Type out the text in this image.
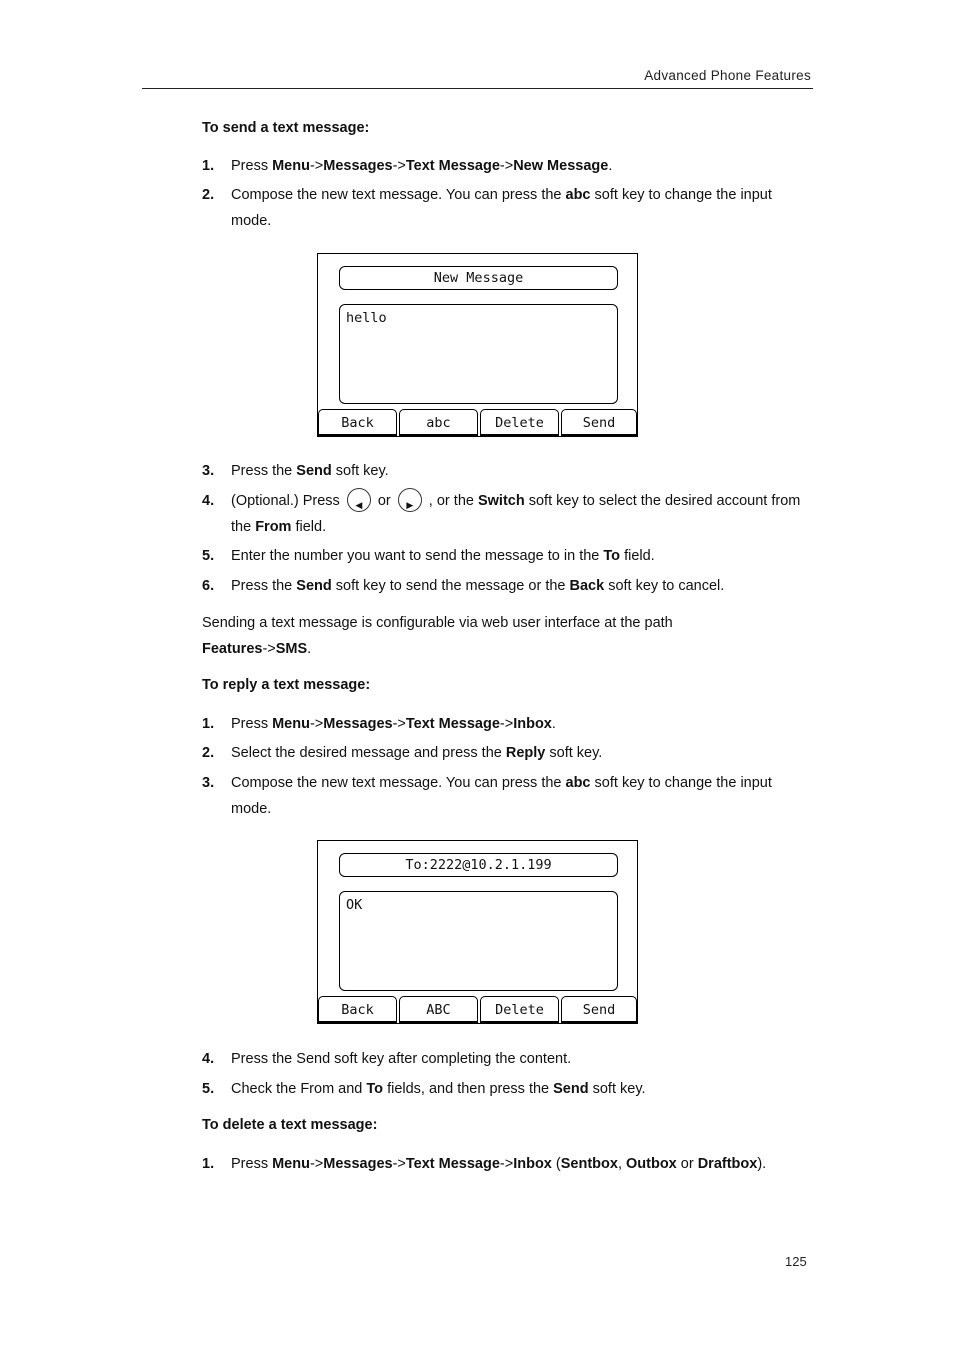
Advanced Phone Features
To send a text message:
1. Press Menu->Messages->Text Message->New Message.
2. Compose the new text message. You can press the abc soft key to change the input mode.
New Message
hello
Back	abc	Delete	Send
3. Press the Send soft key.
4. (Optional.) Press	◀ or	▶ , or the Switch soft key to select the desired account from the From field.
5. Enter the number you want to send the message to in the To field.
6. Press the Send soft key to send the message or the Back soft key to cancel.
Sending a text message is configurable via web user interface at the path
Features->SMS.
To reply a text message:
1. Press Menu->Messages->Text Message->Inbox.
2. Select the desired message and press the Reply soft key.
3. Compose the new text message. You can press the abc soft key to change the input mode.
To:2222@10.2.1.199
OK
Back	ABC	Delete	Send
4. Press the Send soft key after completing the content.
5. Check the From and To fields, and then press the Send soft key.
To delete a text message:
1. Press Menu->Messages->Text Message->Inbox (Sentbox, Outbox or Draftbox).
125
